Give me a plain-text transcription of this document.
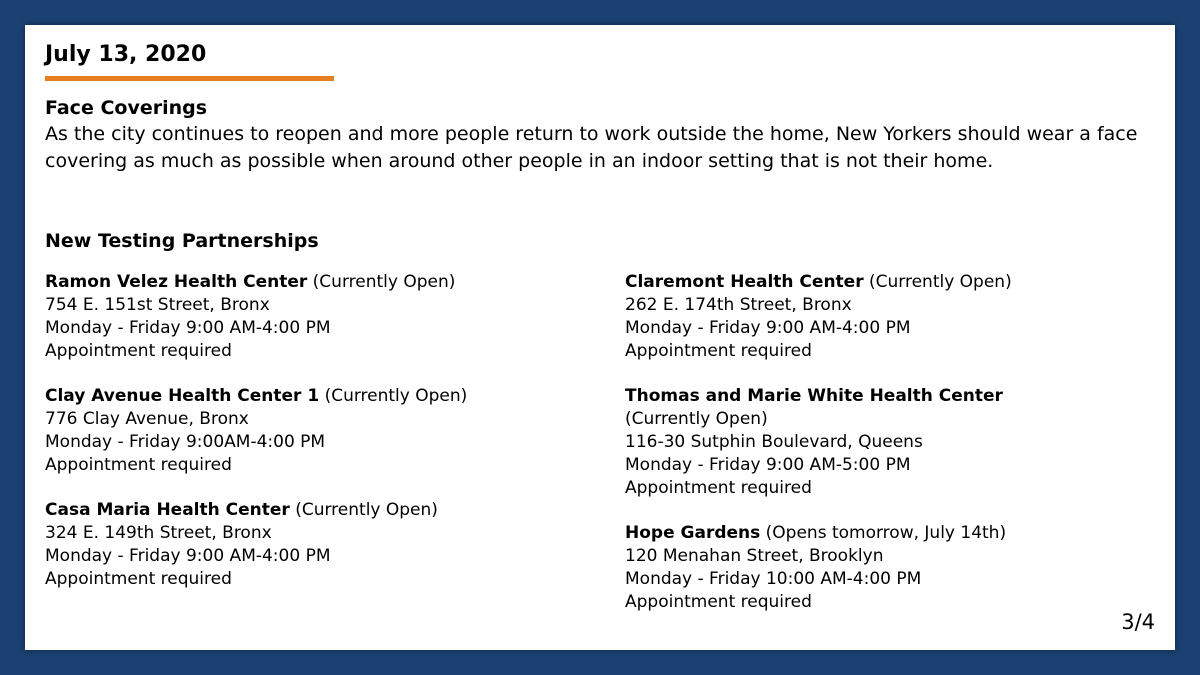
July 13, 2020
Face Coverings
As the city continues to reopen and more people return to work outside the home, New Yorkers should wear a face covering as much as possible when around other people in an indoor setting that is not their home.
New Testing Partnerships
Ramon Velez Health Center (Currently Open)
754 E. 151st Street, Bronx
Monday - Friday 9:00 AM-4:00 PM
Appointment required
Clay Avenue Health Center 1 (Currently Open)
776 Clay Avenue, Bronx
Monday - Friday 9:00AM-4:00 PM
Appointment required
Casa Maria Health Center (Currently Open)
324 E. 149th Street, Bronx
Monday - Friday 9:00 AM-4:00 PM
Appointment required
Claremont Health Center (Currently Open)
262 E. 174th Street, Bronx
Monday - Friday 9:00 AM-4:00 PM
Appointment required
Thomas and Marie White Health Center
(Currently Open)
116-30 Sutphin Boulevard, Queens
Monday - Friday 9:00 AM-5:00 PM
Appointment required
Hope Gardens (Opens tomorrow, July 14th)
120 Menahan Street, Brooklyn
Monday - Friday 10:00 AM-4:00 PM
Appointment required
3/4
